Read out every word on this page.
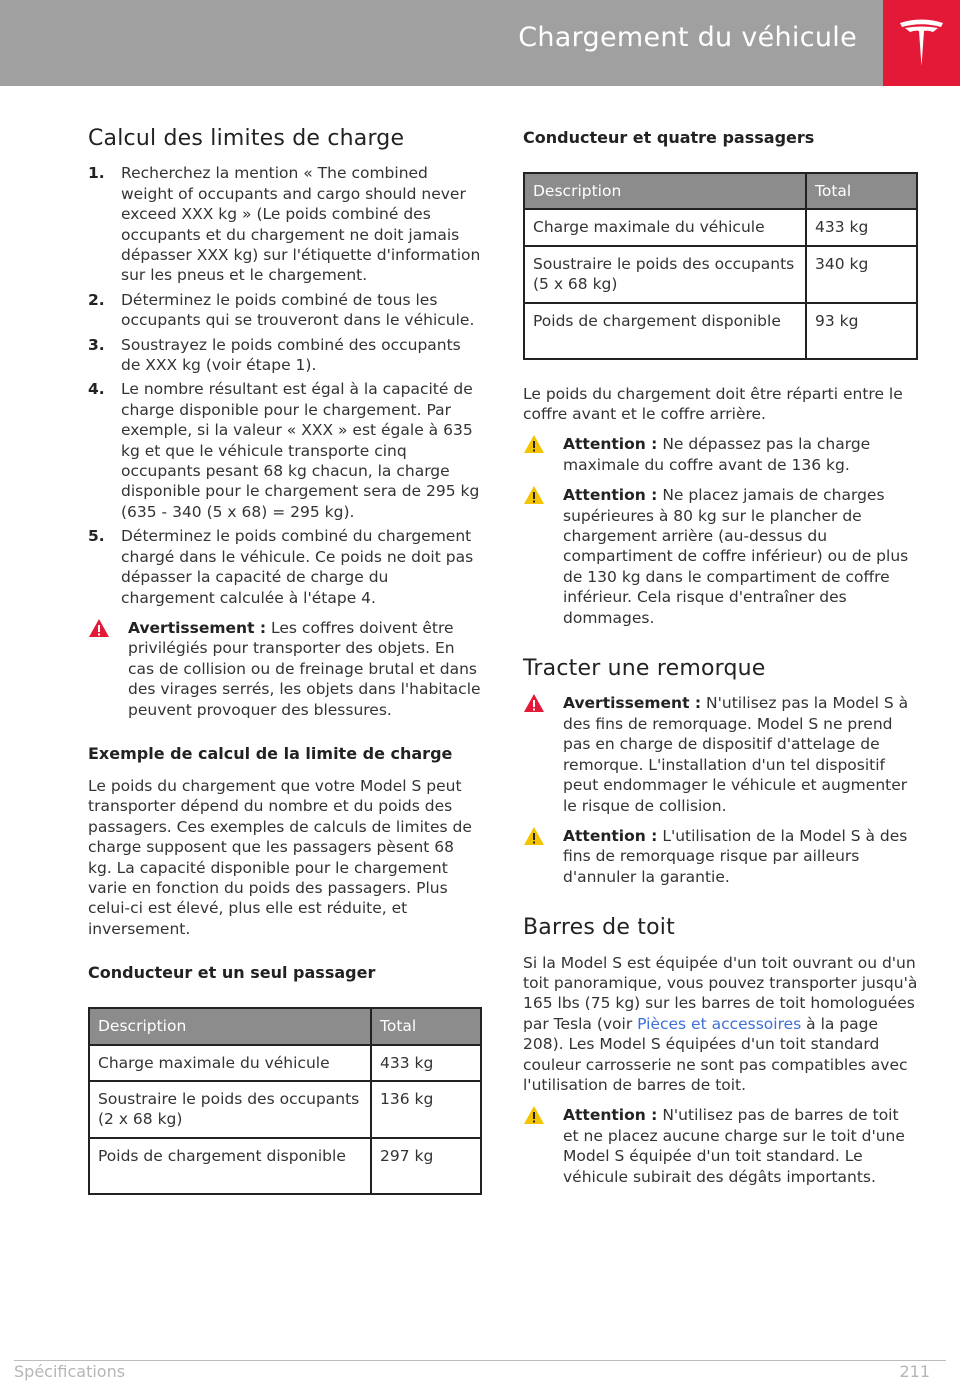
Chargement du véhicule
Calcul des limites de charge
1. Recherchez la mention « The combined weight of occupants and cargo should never exceed XXX kg » (Le poids combiné des occupants et du chargement ne doit jamais dépasser XXX kg) sur l'étiquette d'information sur les pneus et le chargement.
2. Déterminez le poids combiné de tous les occupants qui se trouveront dans le véhicule.
3. Soustrayez le poids combiné des occupants de XXX kg (voir étape 1).
4. Le nombre résultant est égal à la capacité de charge disponible pour le chargement. Par exemple, si la valeur « XXX » est égale à 635 kg et que le véhicule transporte cinq occupants pesant 68 kg chacun, la charge disponible pour le chargement sera de 295 kg (635 - 340 (5 x 68) = 295 kg).
5. Déterminez le poids combiné du chargement chargé dans le véhicule. Ce poids ne doit pas dépasser la capacité de charge du chargement calculée à l'étape 4.
Avertissement : Les coffres doivent être privilégiés pour transporter des objets. En cas de collision ou de freinage brutal et dans des virages serrés, les objets dans l'habitacle peuvent provoquer des blessures.
Exemple de calcul de la limite de charge

Le poids du chargement que votre Model S peut transporter dépend du nombre et du poids des passagers. Ces exemples de calculs de limites de charge supposent que les passagers pèsent 68 kg. La capacité disponible pour le chargement varie en fonction du poids des passagers. Plus celui-ci est élevé, plus elle est réduite, et inversement.

Conducteur et un seul passager
Description	Total
Charge maximale du véhicule	433 kg
Soustraire le poids des occupants (2 x 68 kg)	136 kg
Poids de chargement disponible	297 kg
Conducteur et quatre passagers
Description	Total
Charge maximale du véhicule	433 kg
Soustraire le poids des occupants (5 x 68 kg)	340 kg
Poids de chargement disponible	93 kg

Le poids du chargement doit être réparti entre le coffre avant et le coffre arrière.

Attention : Ne dépassez pas la charge maximale du coffre avant de 136 kg.
Attention : Ne placez jamais de charges supérieures à 80 kg sur le plancher de chargement arrière (au-dessus du compartiment de coffre inférieur) ou de plus de 130 kg dans le compartiment de coffre inférieur. Cela risque d'entraîner des dommages.
Tracter une remorque
Avertissement : N'utilisez pas la Model S à des fins de remorquage. Model S ne prend pas en charge de dispositif d'attelage de remorque. L'installation d'un tel dispositif peut endommager le véhicule et augmenter le risque de collision.
Attention : L'utilisation de la Model S à des fins de remorquage risque par ailleurs d'annuler la garantie.
Barres de toit

Si la Model S est équipée d'un toit ouvrant ou d'un toit panoramique, vous pouvez transporter jusqu'à 165 lbs (75 kg) sur les barres de toit homologuées par Tesla (voir Pièces et accessoires à la page 208). Les Model S équipées d'un toit standard couleur carrosserie ne sont pas compatibles avec l'utilisation de barres de toit.

Attention : N'utilisez pas de barres de toit et ne placez aucune charge sur le toit d'une Model S équipée d'un toit standard. Le véhicule subirait des dégâts importants.
Spécifications	211
